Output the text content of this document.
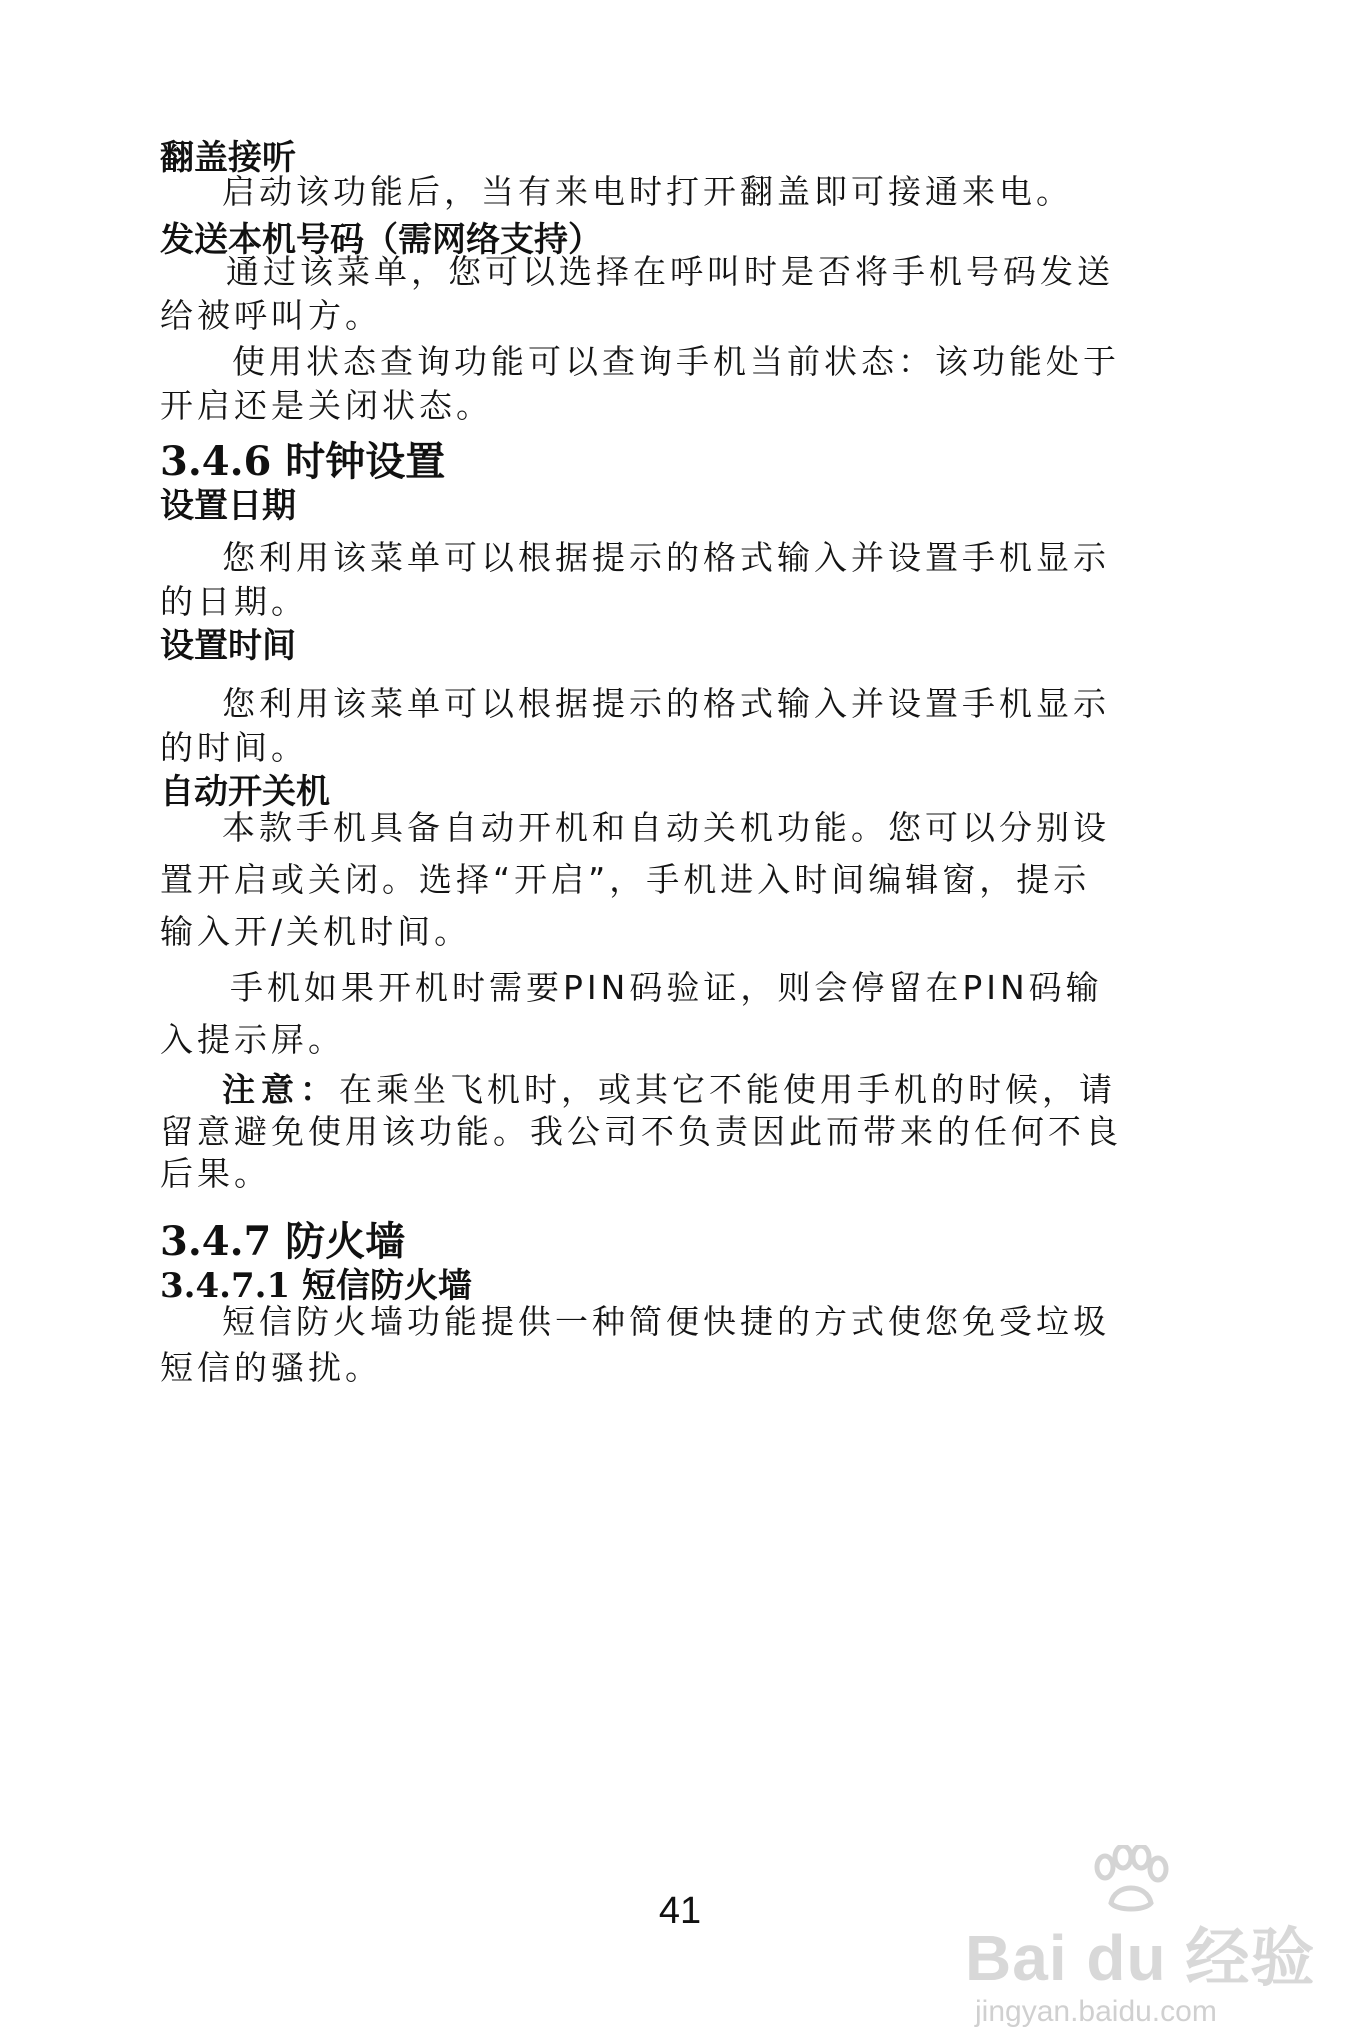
翻盖接听

启动该功能后，当有来电时打开翻盖即可接通来电。

发送本机号码（需网络支持）

通过该菜单，您可以选择在呼叫时是否将手机号码发送

给被呼叫方。

使用状态查询功能可以查询手机当前状态：该功能处于

开启还是关闭状态。

3.4.6 时钟设置

设置日期

您利用该菜单可以根据提示的格式输入并设置手机显示

的日期。

设置时间

您利用该菜单可以根据提示的格式输入并设置手机显示

的时间。

自动开关机

本款手机具备自动开机和自动关机功能。您可以分别设

置开启或关闭。选择“开启”，手机进入时间编辑窗，提示

输入开/关机时间。

手机如果开机时需要PIN码验证，则会停留在PIN码输

入提示屏。

注意：在乘坐飞机时，或其它不能使用手机的时候，请

留意避免使用该功能。我公司不负责因此而带来的任何不良

后果。

3.4.7 防火墙

3.4.7.1 短信防火墙

短信防火墙功能提供一种简便快捷的方式使您免受垃圾

短信的骚扰。

41
Bai du 经验
jingyan.baidu.com
